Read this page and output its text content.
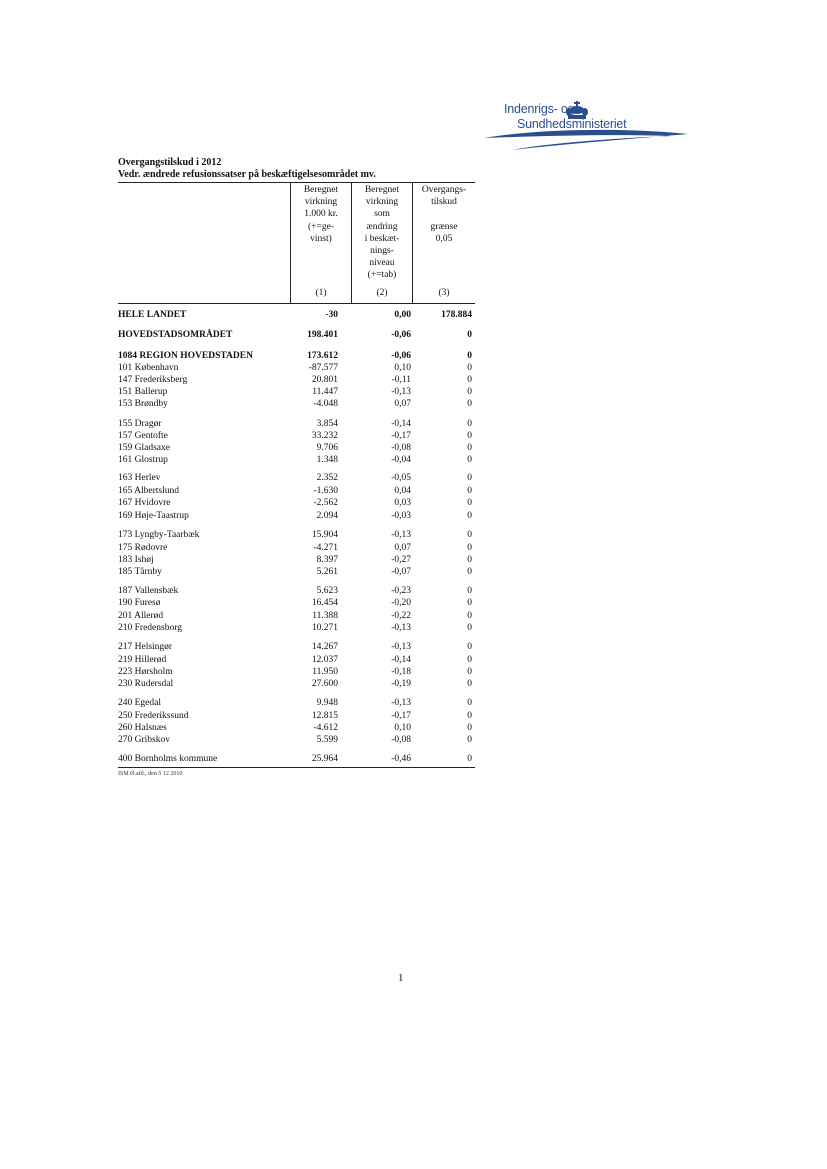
Indenrigs- og
Sundhedsministeriet
Overgangstilskud i 2012
Vedr. ændrede refusionssatser på beskæftigelsesområdet mv.
Beregnet
virkning
1.000 kr.
(+=ge-
vinst)
Beregnet
virkning
som
ændring
i beskæt-
nings-
niveau
(+=tab)
Overgangs-
tilskud
grænse
0,05
(1)	(2)	(3)
HELE LANDET	-30	0,00	178.884
HOVEDSTADSOMRÅDET	198.401	-0,06	0
1084 REGION HOVEDSTADEN	173.612	-0,06	0
101 København	-87.577	0,10	0
147 Frederiksberg	20.801	-0,11	0
151 Ballerup	11.447	-0,13	0
153 Brøndby	-4.048	0,07	0
155 Dragør	3.854	-0,14	0
157 Gentofte	33.232	-0,17	0
159 Gladsaxe	9.706	-0,08	0
161 Glostrup	1.348	-0,04	0
163 Herlev	2.352	-0,05	0
165 Albertslund	-1.630	0,04	0
167 Hvidovre	-2.562	0,03	0
169 Høje-Taastrup	2.094	-0,03	0
173 Lyngby-Taarbæk	15.904	-0,13	0
175 Rødovre	-4.271	0,07	0
183 Ishøj	8.397	-0,27	0
185 Tårnby	5.261	-0,07	0
187 Vallensbæk	5.623	-0,23	0
190 Furesø	16.454	-0,20	0
201 Allerød	11.388	-0,22	0
210 Fredensborg	10.271	-0,13	0
217 Helsingør	14.267	-0,13	0
219 Hillerød	12.037	-0,14	0
223 Hørsholm	11.950	-0,18	0
230 Rudersdal	27.600	-0,19	0
240 Egedal	9.948	-0,13	0
250 Frederikssund	12.815	-0,17	0
260 Halsnæs	-4.612	0,10	0
270 Gribskov	5.599	-0,08	0
400 Bornholms kommune	25.964	-0,46	0
ISM Ø.afd., den 5 12 2010
1
